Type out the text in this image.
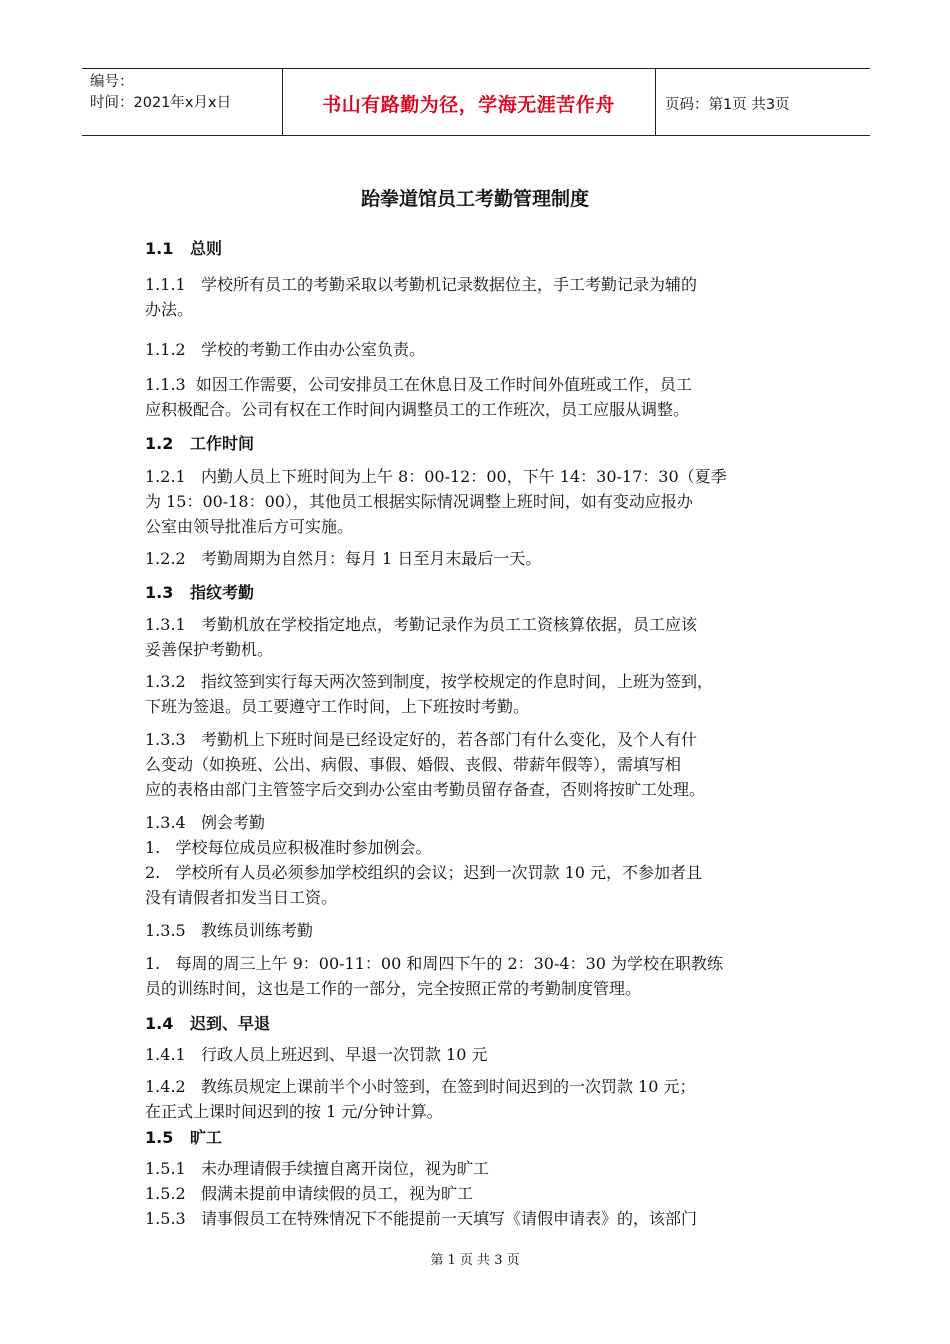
编号：
时间：2021年x月x日	书山有路勤为径，学海无涯苦作舟	页码：第1页 共3页
跆拳道馆员工考勤管理制度
1.1   总则
1.1.1   学校所有员工的考勤采取以考勤机记录数据位主，手工考勤记录为辅的
办法。
1.1.2   学校的考勤工作由办公室负责。
1.1.3  如因工作需要，公司安排员工在休息日及工作时间外值班或工作，员工
应积极配合。公司有权在工作时间内调整员工的工作班次，员工应服从调整。
1.2   工作时间
1.2.1   内勤人员上下班时间为上午 8：00-12：00，下午 14：30-17：30（夏季
为 15：00-18：00），其他员工根据实际情况调整上班时间，如有变动应报办
公室由领导批准后方可实施。
1.2.2   考勤周期为自然月：每月 1 日至月末最后一天。
1.3   指纹考勤
1.3.1   考勤机放在学校指定地点，考勤记录作为员工工资核算依据，员工应该
妥善保护考勤机。
1.3.2   指纹签到实行每天两次签到制度，按学校规定的作息时间，上班为签到，
下班为签退。员工要遵守工作时间，上下班按时考勤。
1.3.3   考勤机上下班时间是已经设定好的，若各部门有什么变化，及个人有什
么变动（如换班、公出、病假、事假、婚假、丧假、带薪年假等），需填写相
应的表格由部门主管签字后交到办公室由考勤员留存备查，否则将按旷工处理。
1.3.4   例会考勤
1.   学校每位成员应积极准时参加例会。
2.   学校所有人员必须参加学校组织的会议；迟到一次罚款 10 元，不参加者且
没有请假者扣发当日工资。
1.3.5   教练员训练考勤
1.   每周的周三上午 9：00-11：00 和周四下午的 2：30-4：30 为学校在职教练
员的训练时间，这也是工作的一部分，完全按照正常的考勤制度管理。
1.4   迟到、早退
1.4.1   行政人员上班迟到、早退一次罚款 10 元
1.4.2   教练员规定上课前半个小时签到，在签到时间迟到的一次罚款 10 元；
在正式上课时间迟到的按 1 元/分钟计算。
1.5   旷工
1.5.1   未办理请假手续擅自离开岗位，视为旷工
1.5.2   假满未提前申请续假的员工，视为旷工
1.5.3   请事假员工在特殊情况下不能提前一天填写《请假申请表》的，该部门
第 1 页 共 3 页
